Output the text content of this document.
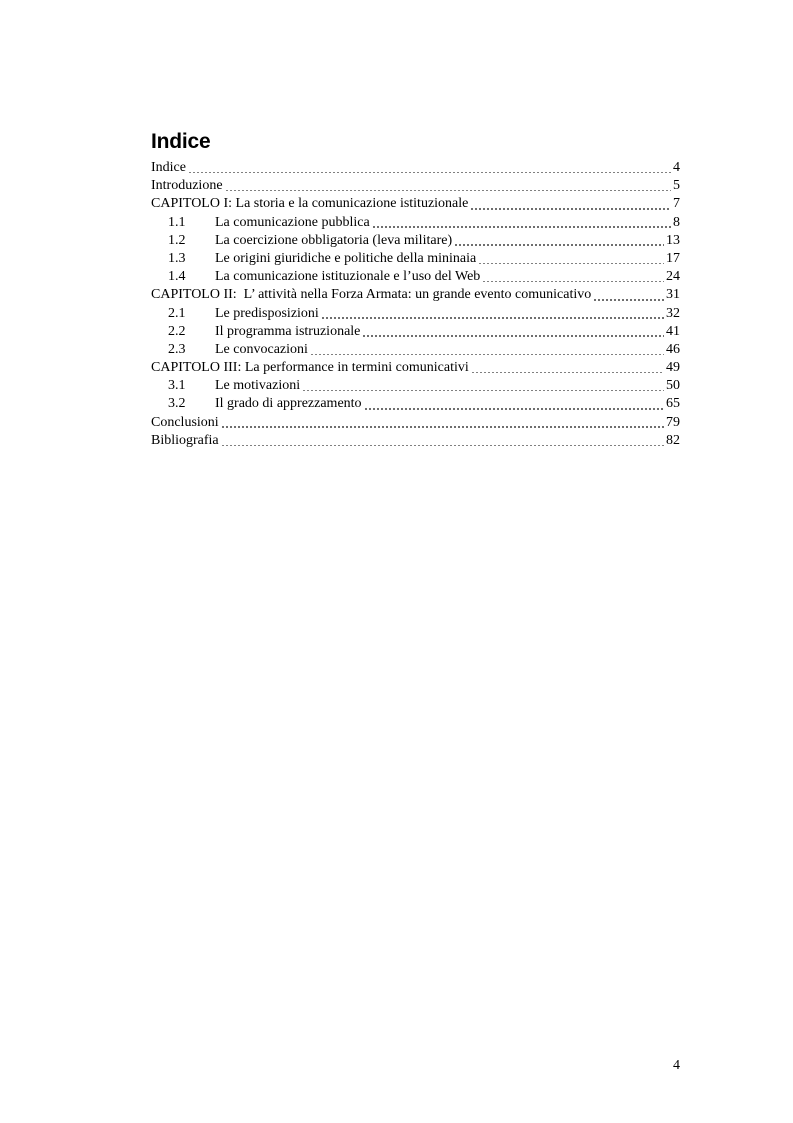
Indice
Indice	4
Introduzione	5
CAPITOLO I: La storia e la comunicazione istituzionale	7
1.1	La comunicazione pubblica	8
1.2	La coercizione obbligatoria (leva militare)	13
1.3	Le origini giuridiche e politiche della mininaia	17
1.4	La comunicazione istituzionale e l’uso del Web	24
CAPITOLO II:  L’ attività nella Forza Armata: un grande evento comunicativo	31
2.1	Le predisposizioni	32
2.2	Il programma istruzionale	41
2.3	Le convocazioni	46
CAPITOLO III: La performance in termini comunicativi	49
3.1	Le motivazioni	50
3.2	Il grado di apprezzamento	65
Conclusioni	79
Bibliografia	82
4
